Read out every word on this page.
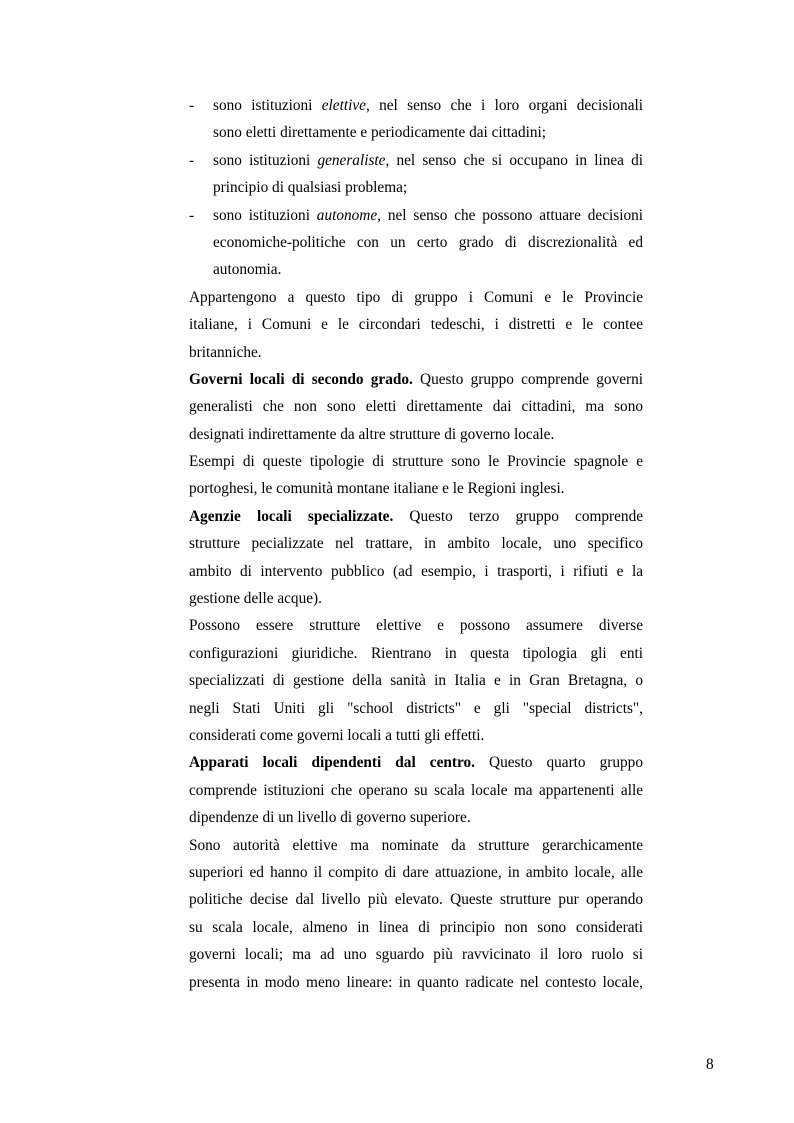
- sono istituzioni elettive, nel senso che i loro organi decisionali
sono eletti direttamente e periodicamente dai cittadini;
- sono istituzioni generaliste, nel senso che si occupano in linea di
principio di qualsiasi problema;
- sono istituzioni autonome, nel senso che possono attuare decisioni
economiche-politiche con un certo grado di discrezionalità ed
autonomia.
Appartengono a questo tipo di gruppo i Comuni e le Provincie
italiane, i Comuni e le circondari tedeschi, i distretti e le contee
britanniche.
Governi locali di secondo grado. Questo gruppo comprende governi
generalisti che non sono eletti direttamente dai cittadini, ma sono
designati indirettamente da altre strutture di governo locale.
Esempi di queste tipologie di strutture sono le Provincie spagnole e
portoghesi, le comunità montane italiane e le Regioni inglesi.
Agenzie locali specializzate. Questo terzo gruppo comprende
strutture pecializzate nel trattare, in ambito locale, uno specifico
ambito di intervento pubblico (ad esempio, i trasporti, i rifiuti e la
gestione delle acque).
Possono essere strutture elettive e possono assumere diverse
configurazioni giuridiche. Rientrano in questa tipologia gli enti
specializzati di gestione della sanità in Italia e in Gran Bretagna, o
negli Stati Uniti gli "school districts" e gli "special districts",
considerati come governi locali a tutti gli effetti.
Apparati locali dipendenti dal centro. Questo quarto gruppo
comprende istituzioni che operano su scala locale ma appartenenti alle
dipendenze di un livello di governo superiore.
Sono autorità elettive ma nominate da strutture gerarchicamente
superiori ed hanno il compito di dare attuazione, in ambito locale, alle
politiche decise dal livello più elevato. Queste strutture pur operando
su scala locale, almeno in linea di principio non sono considerati
governi locali; ma ad uno sguardo più ravvicinato il loro ruolo si
presenta in modo meno lineare: in quanto radicate nel contesto locale,
8
